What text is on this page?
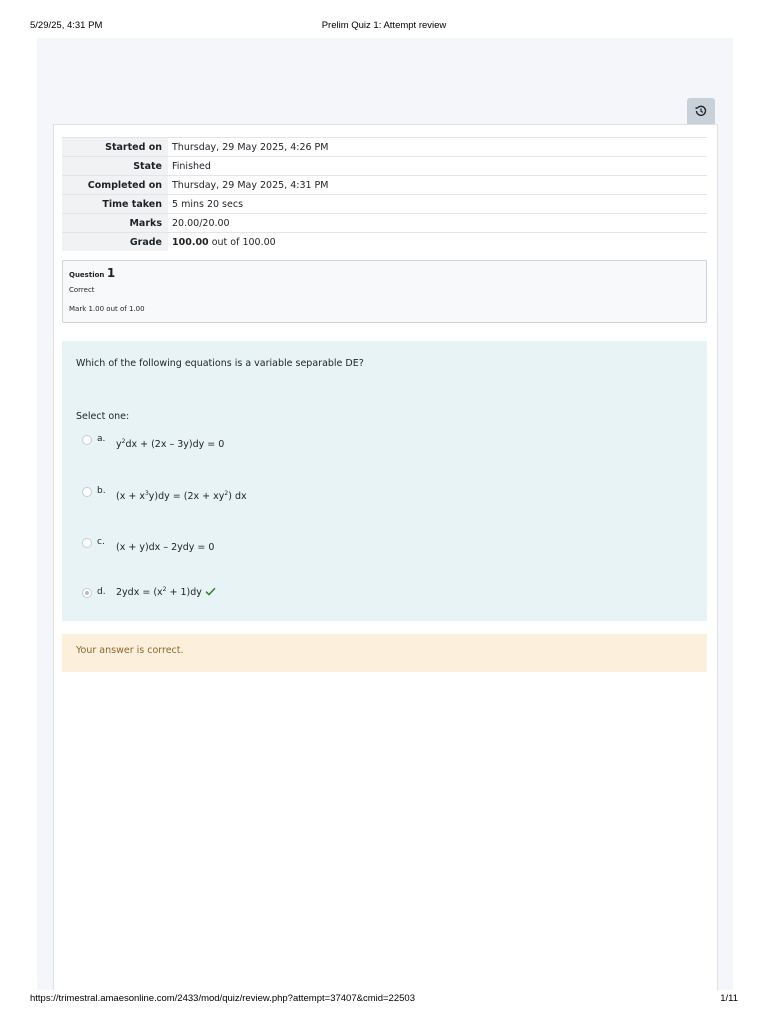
5/29/25, 4:31 PM	Prelim Quiz 1: Attempt review
Started on	Thursday, 29 May 2025, 4:26 PM
State	Finished
Completed on	Thursday, 29 May 2025, 4:31 PM
Time taken	5 mins 20 secs
Marks	20.00/20.00
Grade	100.00 out of 100.00
Question 1
Correct
Mark 1.00 out of 1.00
Which of the following equations is a variable separable DE?
Select one:
a. $y^2dx + (2x - 3y)dy = 0$
b. $(x + x^3y)dy = (2x + xy^2)$ dx
c. (x + y)dx – 2ydy = 0
d. $2ydx = (x^2 + 1)dy$
Your answer is correct.
https://trimestral.amaesonline.com/2433/mod/quiz/review.php?attempt=37407&cmid=22503	1/11
